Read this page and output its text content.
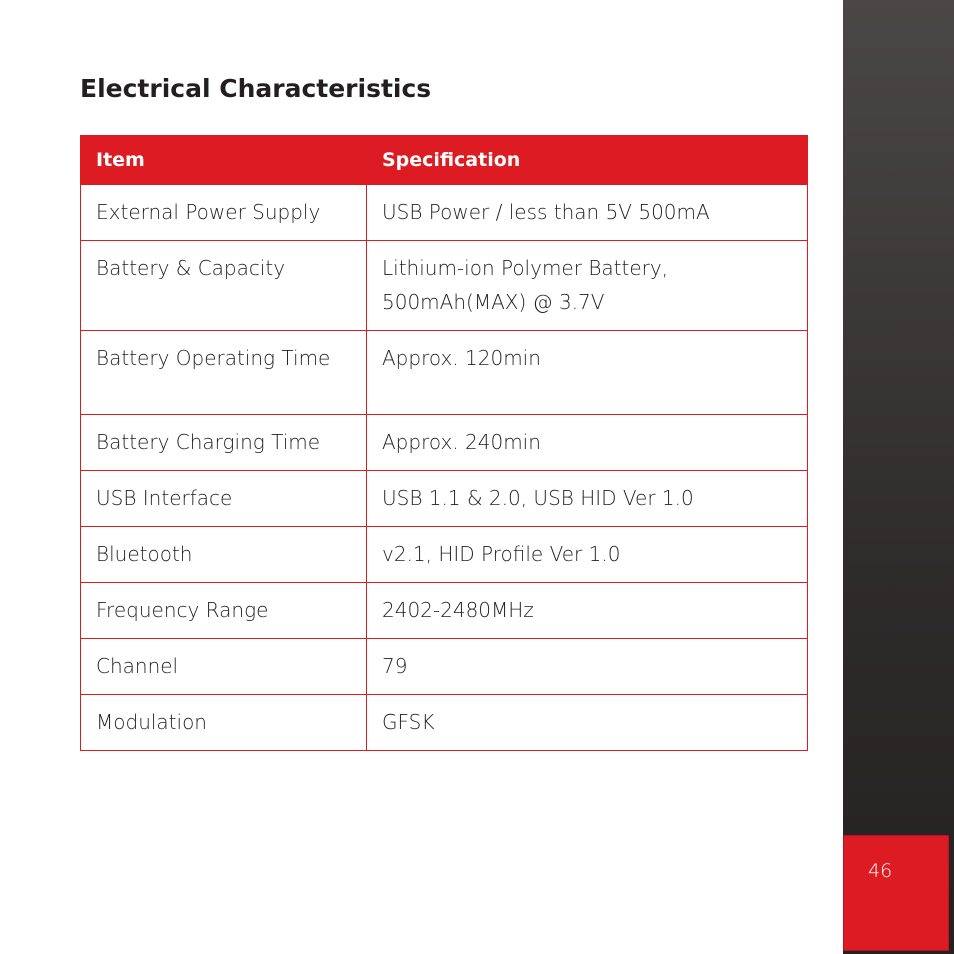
46
Electrical Characteristics
Item	Specification
External Power Supply	USB Power / less than 5V 500mA
Battery & Capacity	Lithium-ion Polymer Battery, 500mAh(MAX) @ 3.7V
Battery Operating Time	Approx. 120min
Battery Charging Time	Approx. 240min
USB Interface	USB 1.1 & 2.0, USB HID Ver 1.0
Bluetooth	v2.1, HID Profile Ver 1.0
Frequency Range	2402-2480MHz
Channel	79
Modulation	GFSK
